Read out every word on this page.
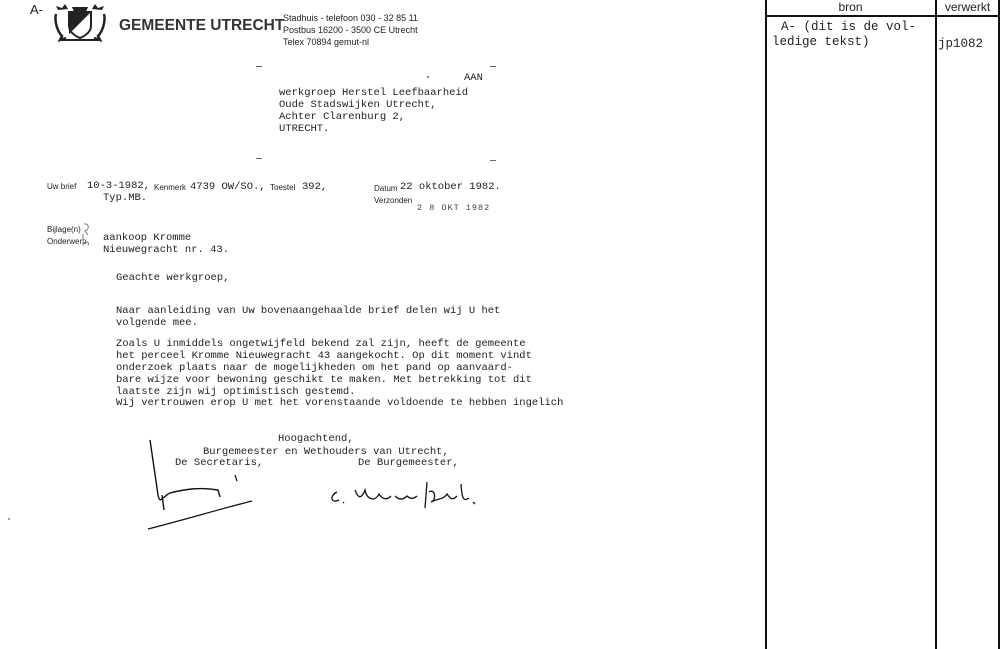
A-
GEMEENTE UTRECHT
Stadhuis - telefoon 030 - 32 85 11
Postbus 16200 - 3500 CE Utrecht
Telex 70894 gemut-nl
AAN
werkgroep Herstel Leefbaarheid
Oude Stadswijken Utrecht,
Achter Clarenburg 2,
UTRECHT.
Uw brief 10-3-1982,
Typ.MB.
Kenmerk 4739 OW/SO., Toestel 392,	Datum 22 oktober 1982.
Verzonden
2 8 OKT 1982
Bijlage(n)
Onderwerp aankoop Kromme
Nieuwegracht nr. 43.
Geachte werkgroep,
Naar aanleiding van Uw bovenaangehaalde brief delen wij U het
volgende mee.
Zoals U inmiddels ongetwijfeld bekend zal zijn, heeft de gemeente
het perceel Kromme Nieuwegracht 43 aangekocht. Op dit moment vindt
onderzoek plaats naar de mogelijkheden om het pand op aanvaard-
bare wijze voor bewoning geschikt te maken. Met betrekking tot dit
laatste zijn wij optimistisch gestemd.
Wij vertrouwen erop U met het vorenstaande voldoende te hebben ingelich
Hoogachtend,
Burgemeester en Wethouders van Utrecht,
De Secretaris,	De Burgemeester,
bron	verwerkt
A- (dit is de vol-
ledige tekst)	jp1082
